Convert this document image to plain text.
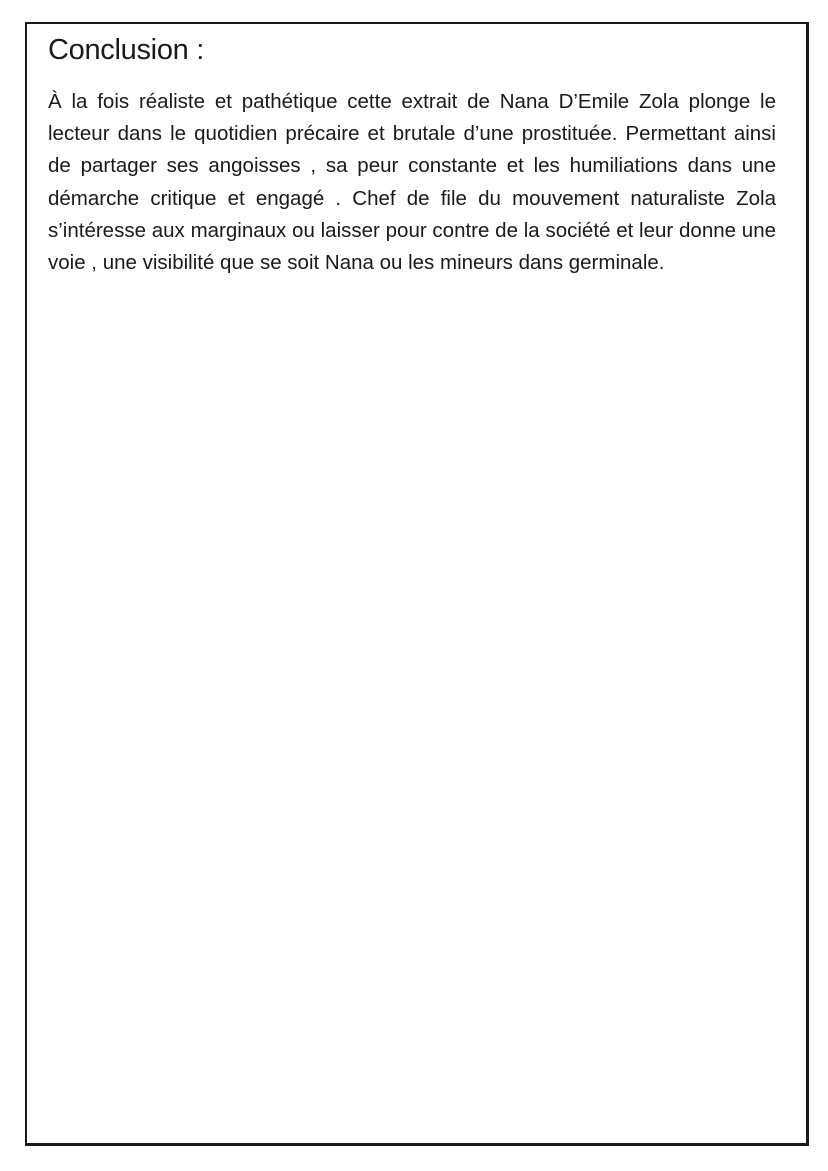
Conclusion :

À la fois réaliste et pathétique cette extrait de Nana D’Emile Zola plonge le lecteur dans le quotidien précaire et brutale d’une prostituée. Permettant ainsi de partager ses angoisses , sa peur constante et les humiliations dans une démarche critique et engagé . Chef de file du mouvement naturaliste Zola s’intéresse aux marginaux ou laisser pour contre de la société et leur donne une voie , une visibilité que se soit Nana ou les mineurs dans germinale.
